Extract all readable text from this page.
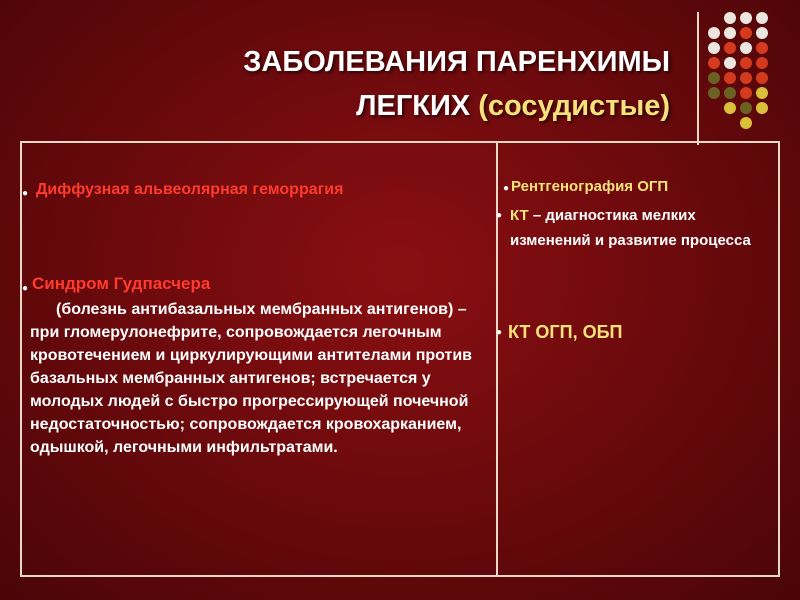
ЗАБОЛЕВАНИЯ ПАРЕНХИМЫ
ЛЕГКИХ (сосудистые)
● Диффузная альвеолярная геморрагия
● Синдром Гудпасчера
(болезнь антибазальных мембранных антигенов) – при гломерулонефрите, сопровождается легочным кровотечением и циркулирующими антителами против базальных мембранных антигенов; встречается у молодых людей с быстро прогрессирующей почечной недостаточностью; сопровождается кровохарканием, одышкой, легочными инфильтратами.
● Рентгенография ОГП
● КТ – диагностика мелких изменений и развитие процесса
● КТ ОГП, ОБП
